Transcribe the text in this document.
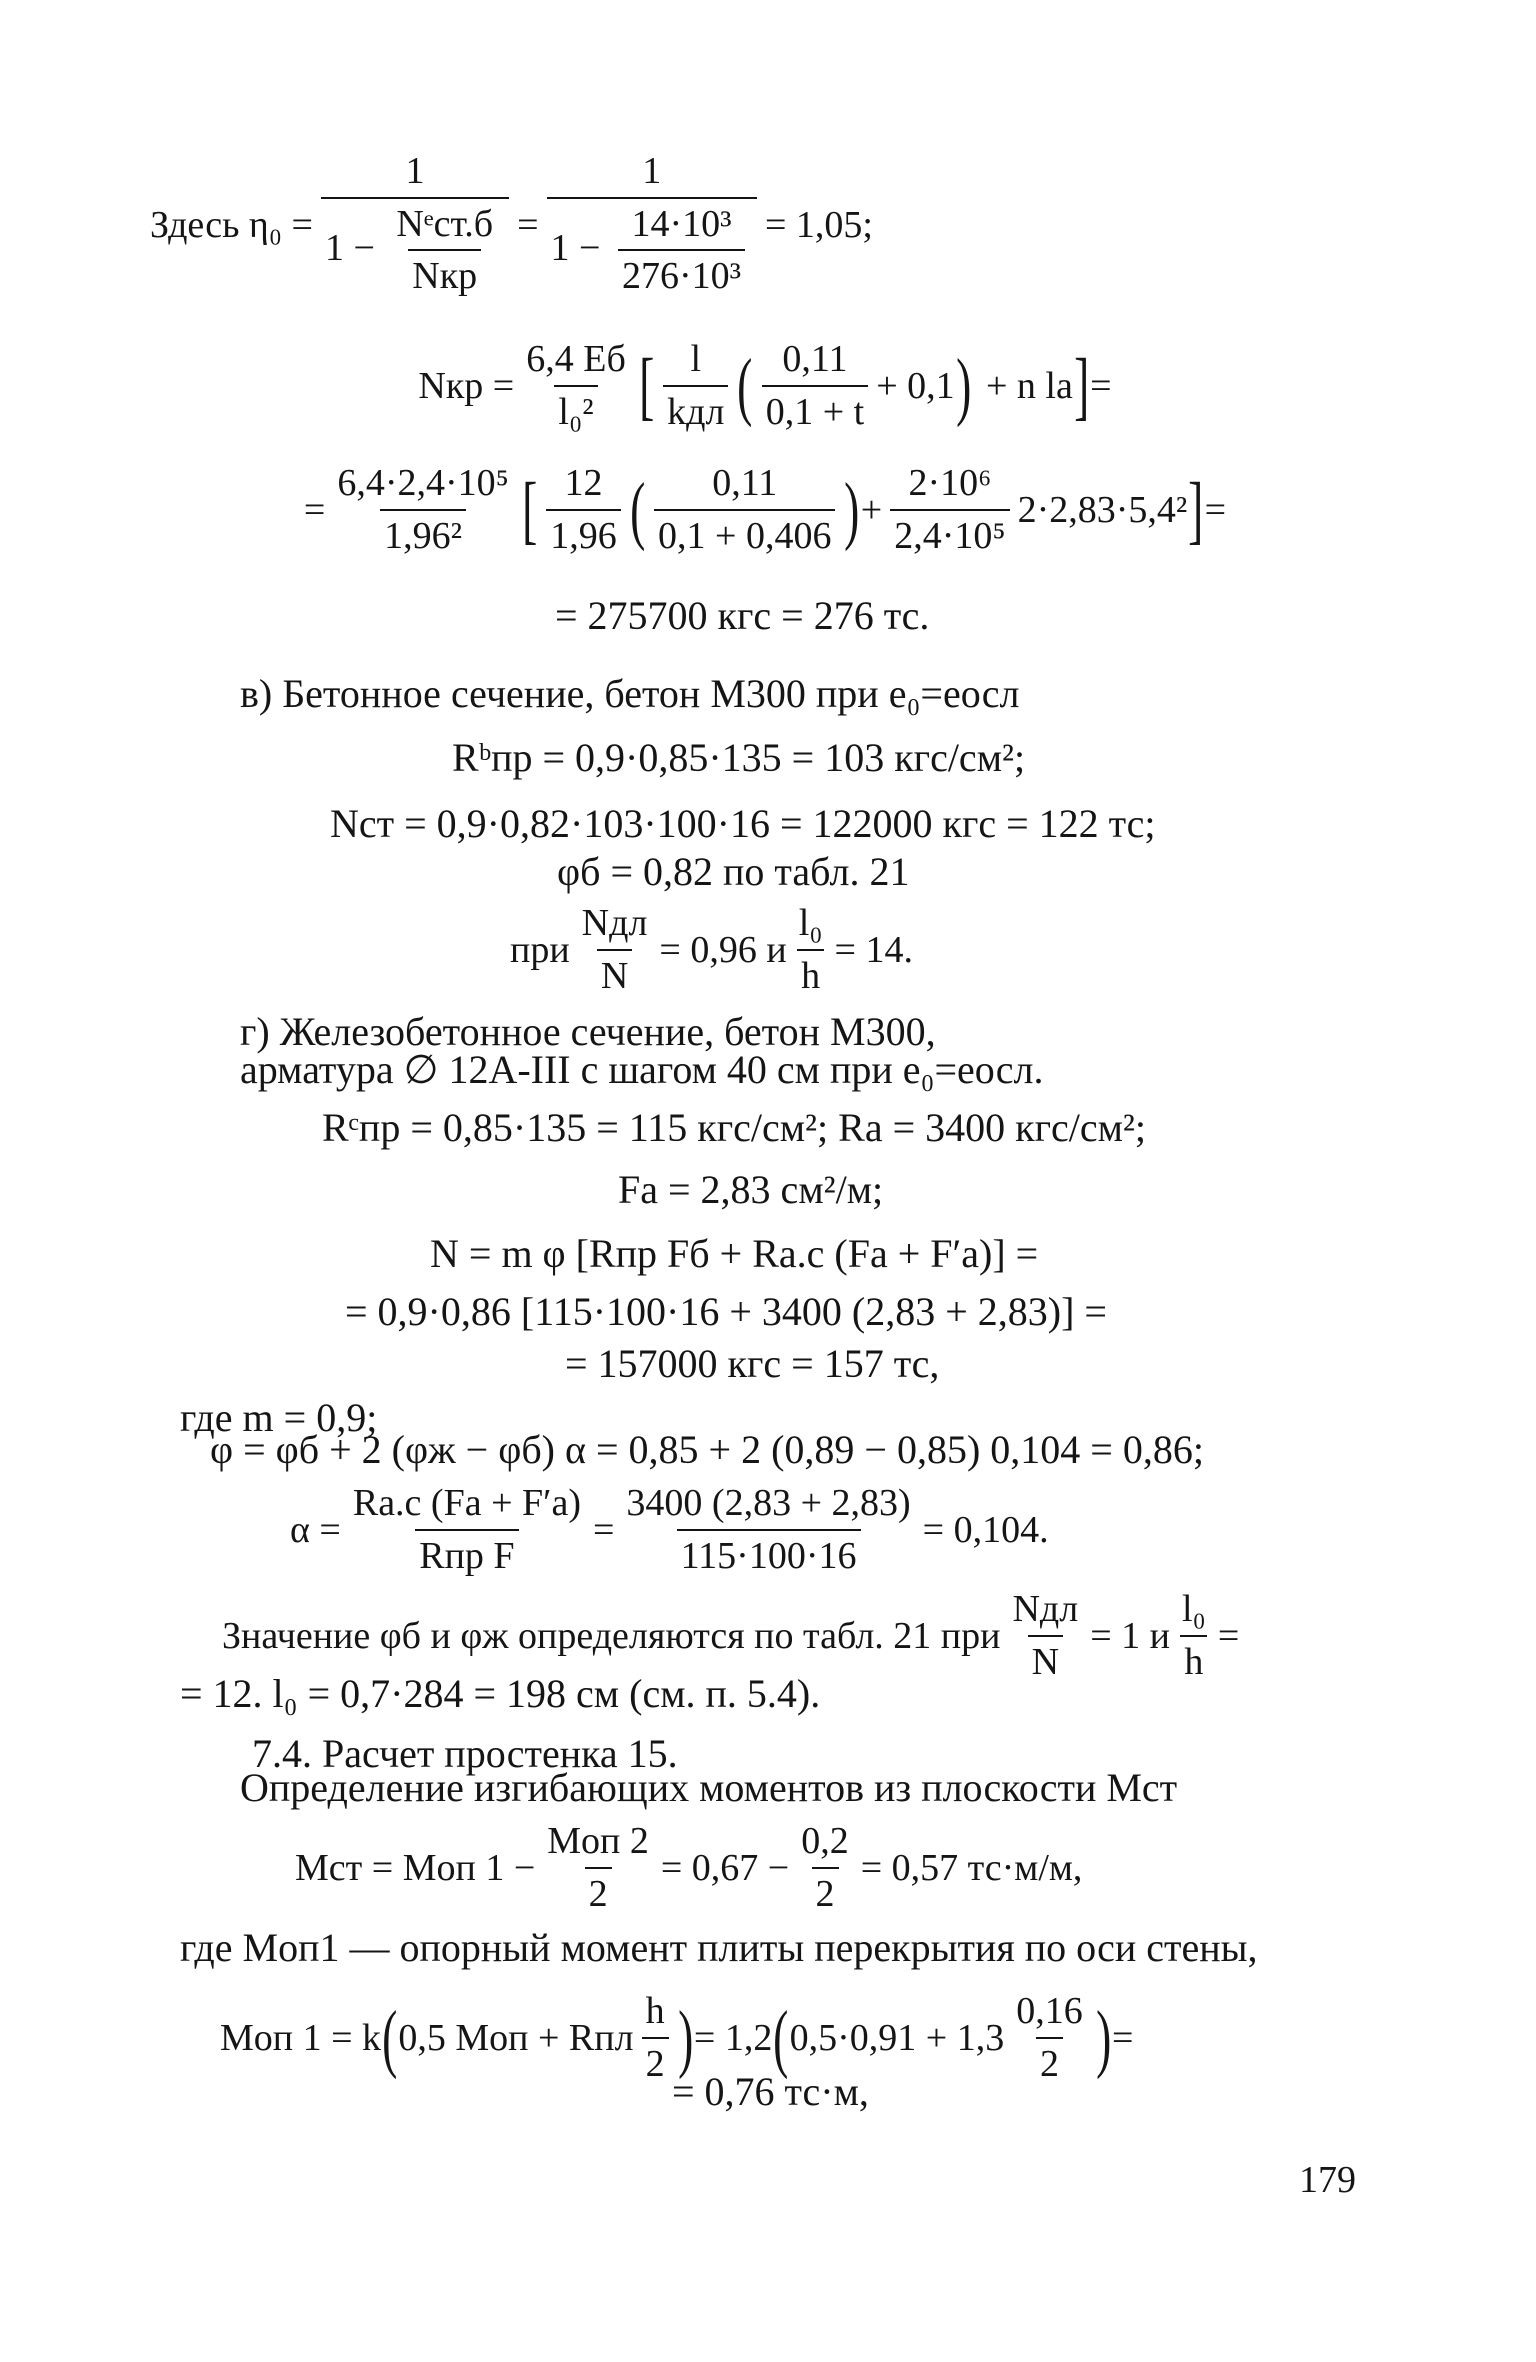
Здесь $\eta_0 = \frac{1}{1 - \frac{\text{Nᵉст.б}}{\text{Nкр}}} = \frac{1}{1 - \frac{\text{14·10³}}{\text{276·10³}}} = 1,05$;
Nкр = $\frac{6,4 Eб}{\text{l₀²}}$ [ $\frac{l}{\text{kдл}}$ ( $\frac{0,11}{0,1 + t} + 0,1$ ) + n lа ] =
= $\frac{\text{6,4·2,4·10⁵}}{\text{1,96²}}$ [ $\frac{12}{1,96}$ ( $\frac{0,11}{0,1 + 0,406}$ ) + $\frac{\text{2·10⁶}}{\text{2,4·10⁵}} 2\cdot 2,83\cdot 5,4^2$ ] =
= 275700 кгс = 276 тс.
в) Бетонное сечение, бетон М300 при e₀=eосл
Rᵇпр = 0,9·0,85·135 = 103 кгс/см²;
Nст = 0,9·0,82·103·100·16 = 122000 кгс = 122 тс;
φб = 0,82 по табл. 21
при $\frac{\text{Nдл}}{N} = 0,96$ и $\frac{\text{l₀}}{h} = 14$.
г) Железобетонное сечение, бетон М300,
арматура ∅ 12А-III с шагом 40 см при e₀=eосл.
Rᶜпр = 0,85·135 = 115 кгс/см²; Rа = 3400 кгс/см²;
Fа = 2,83 см²/м;
N = m φ [Rпр Fб + Rа.с (Fа + F′а)] =
= 0,9·0,86 [115·100·16 + 3400 (2,83 + 2,83)] =
= 157000 кгс = 157 тс,
где m = 0,9;
φ = φб + 2 (φж − φб) α = 0,85 + 2 (0,89 − 0,85) 0,104 = 0,86;
$\alpha = \frac{Rа.с (Fа + F'а)}{\text{Rпр F}} = \frac{3400 (2,83 + 2,83)}{115\cdot 100\cdot 16} = 0,104$.
Значение φб и φж определяются по табл. 21 при $\frac{\text{Nдл}}{N} = 1$ и $\frac{\text{l₀}}{h}$ =
= 12. l₀ = 0,7·284 = 198 см (см. п. 5.4).
7.4. Расчет простенка 15.
Определение изгибающих моментов из плоскости Mст
Mст = Mоп $1 - \frac{\text{Mоп 2}}{2} = 0,67 - \frac{0,2}{2} = 0,57$ тс·м/м,
где Mоп1 — опорный момент плиты перекрытия по оси стены,
Mоп 1 = k ( 0,5 Mоп + Rпл $\frac{h}{2}$ ) = 1,2 ( $0,5\cdot 0,91 + 1,3 \frac{0,16}{2}$ ) =
= 0,76 тс·м,
179
